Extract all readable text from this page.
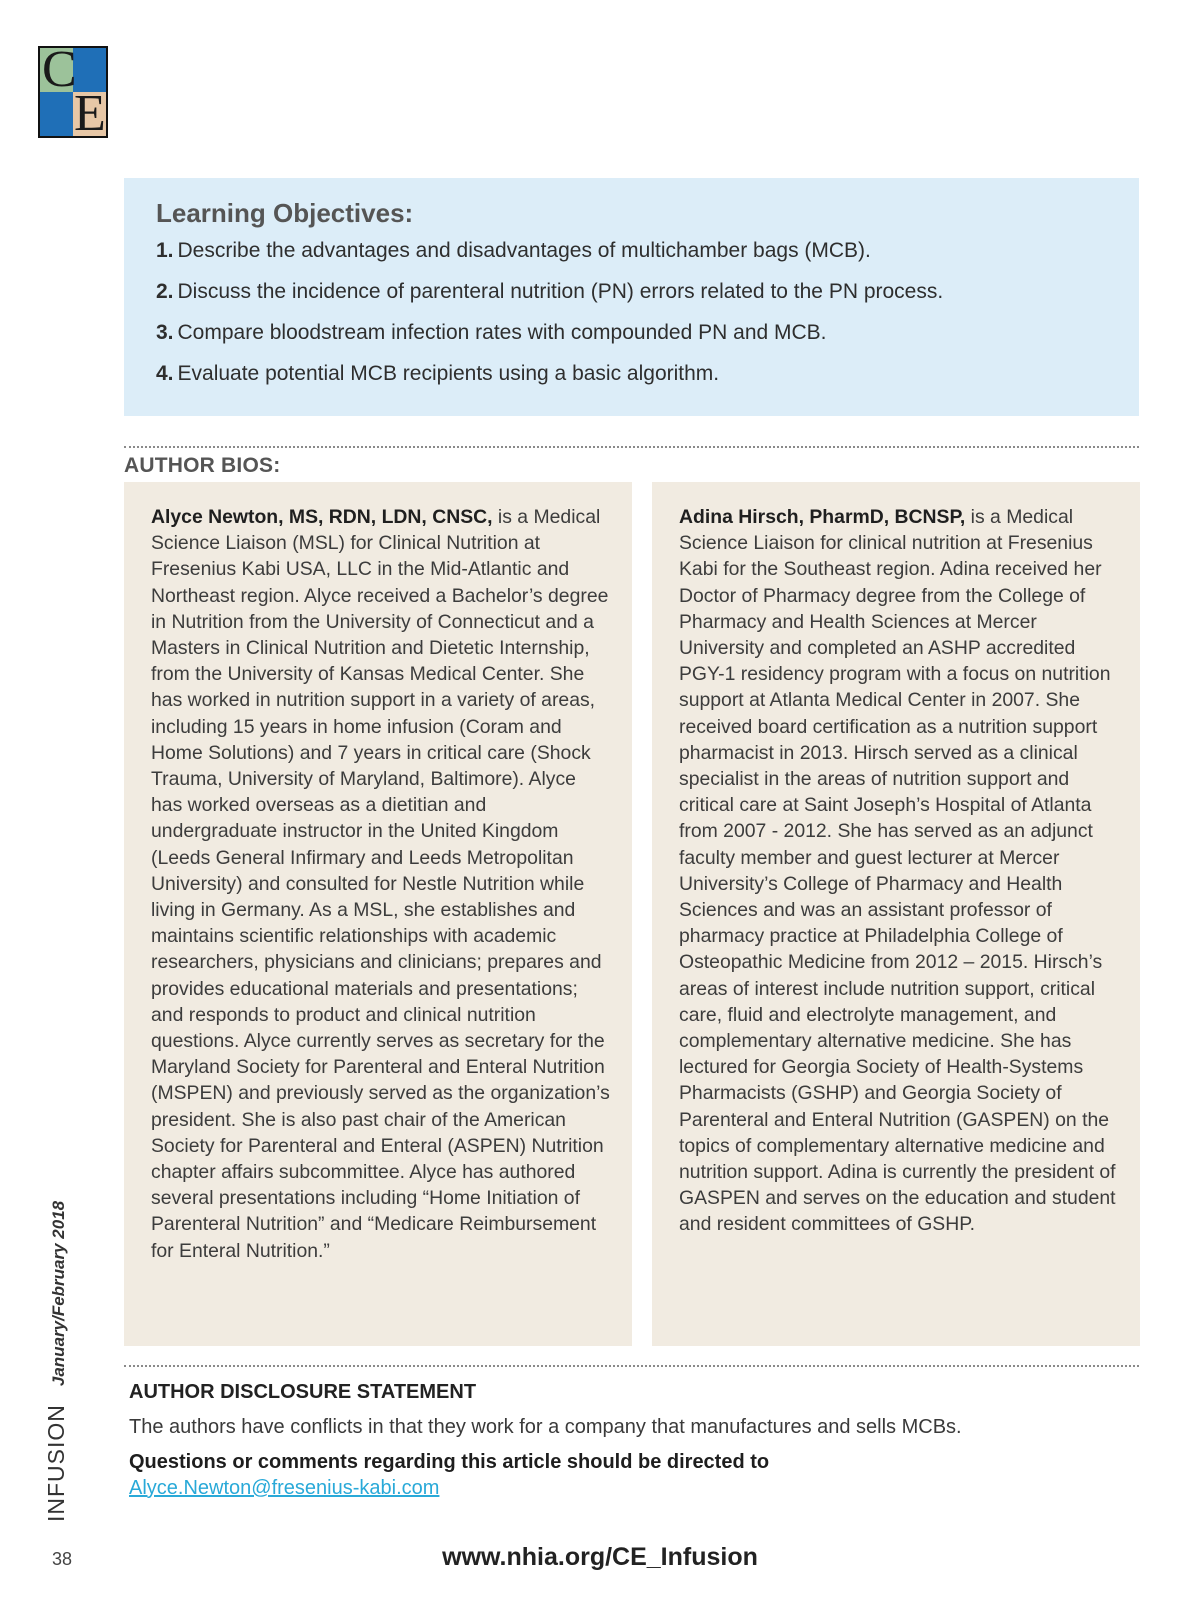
C
E
Learning Objectives:
1. Describe the advantages and disadvantages of multichamber bags (MCB).
2. Discuss the incidence of parenteral nutrition (PN) errors related to the PN process.
3. Compare bloodstream infection rates with compounded PN and MCB.
4. Evaluate potential MCB recipients using a basic algorithm.
AUTHOR BIOS:
Alyce Newton, MS, RDN, LDN, CNSC, is a Medical Science Liaison (MSL) for Clinical Nutrition at Fresenius Kabi USA, LLC in the Mid-Atlantic and Northeast region. Alyce received a Bachelor’s degree in Nutrition from the University of Connecticut and a Masters in Clinical Nutrition and Dietetic Internship, from the University of Kansas Medical Center. She has worked in nutrition support in a variety of areas, including 15 years in home infusion (Coram and Home Solutions) and 7 years in critical care (Shock Trauma, University of Maryland, Baltimore). Alyce has worked overseas as a dietitian and undergraduate instructor in the United Kingdom (Leeds General Infirmary and Leeds Metropolitan University) and consulted for Nestle Nutrition while living in Germany. As a MSL, she establishes and maintains scientific relationships with academic researchers, physicians and clinicians; prepares and provides educational materials and presentations; and responds to product and clinical nutrition questions. Alyce currently serves as secretary for the Maryland Society for Parenteral and Enteral Nutrition (MSPEN) and previously served as the organization’s president. She is also past chair of the American Society for Parenteral and Enteral (ASPEN) Nutrition chapter affairs subcommittee. Alyce has authored several presentations including “Home Initiation of Parenteral Nutrition” and “Medicare Reimbursement for Enteral Nutrition.”
Adina Hirsch, PharmD, BCNSP, is a Medical Science Liaison for clinical nutrition at Fresenius Kabi for the Southeast region. Adina received her Doctor of Pharmacy degree from the College of Pharmacy and Health Sciences at Mercer University and completed an ASHP accredited PGY-1 residency program with a focus on nutrition support at Atlanta Medical Center in 2007. She received board certification as a nutrition support pharmacist in 2013. Hirsch served as a clinical specialist in the areas of nutrition support and critical care at Saint Joseph’s Hospital of Atlanta from 2007 - 2012. She has served as an adjunct faculty member and guest lecturer at Mercer University’s College of Pharmacy and Health Sciences and was an assistant professor of pharmacy practice at Philadelphia College of Osteopathic Medicine from 2012 – 2015. Hirsch’s areas of interest include nutrition support, critical care, fluid and electrolyte management, and complementary alternative medicine. She has lectured for Georgia Society of Health-Systems Pharmacists (GSHP) and Georgia Society of Parenteral and Enteral Nutrition (GASPEN) on the topics of complementary alternative medicine and nutrition support. Adina is currently the president of GASPEN and serves on the education and student and resident committees of GSHP.
AUTHOR DISCLOSURE STATEMENT
The authors have conflicts in that they work for a company that manufactures and sells MCBs.
Questions or comments regarding this article should be directed to
Alyce.Newton@fresenius-kabi.com
INFUSIONJanuary/February 2018
38	www.nhia.org/CE_Infusion
